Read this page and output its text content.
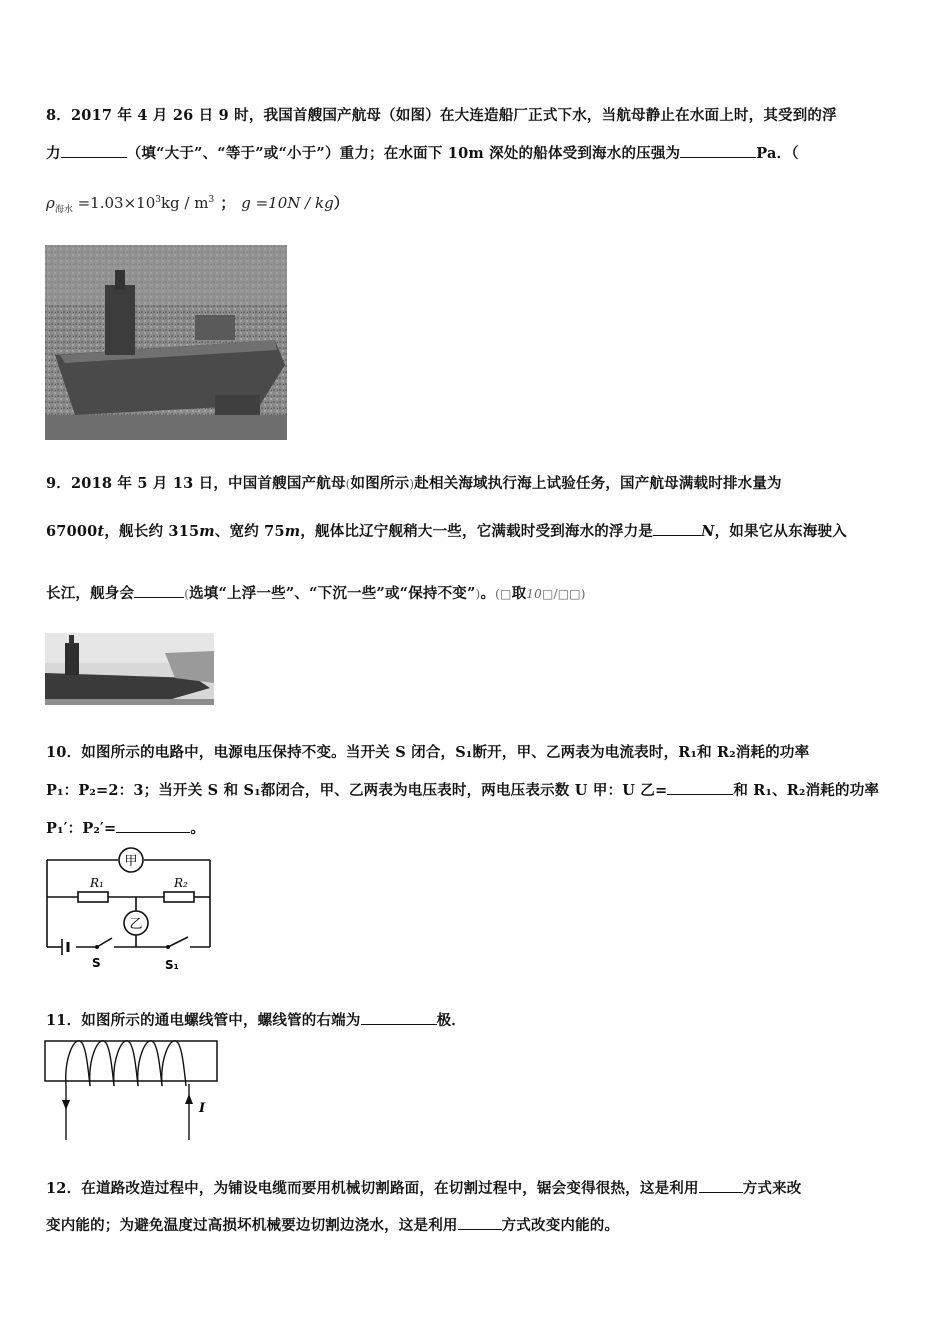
8．2017 年 4 月 26 日 9 时，我国首艘国产航母（如图）在大连造船厂正式下水，当航母静止在水面上时，其受到的浮
力	（填“大于”、“等于”或“小于”）重力；在水面下 10m 深处的船体受到海水的压强为	Pa．（
$\rho_{海水} =1.03\times 10^3kg / m^3$ ； g =10N / kg）
9．2018 年 5 月 13 日，中国首艘国产航母(如图所示)赴相关海域执行海上试验任务，国产航母满载时排水量为
67000t，舰长约 315m、宽约 75m，舰体比辽宁舰稍大一些，它满载时受到海水的浮力是	N，如果它从东海驶入
长江，舰身会	(选填“上浮一些”、“下沉一些”或“保持不变”)。(□取10□/□□)
10．如图所示的电路中，电源电压保持不变。当开关 S 闭合，S₁断开，甲、乙两表为电流表时，R₁和 R₂消耗的功率
P₁：P₂=2：3；当开关 S 和 S₁都闭合，甲、乙两表为电压表时，两电压表示数 U 甲：U 乙=	和 R₁、R₂消耗的功率
P₁′：P₂′=	。
甲
乙
R₁	R₂
S	S₁
11．如图所示的通电螺线管中，螺线管的右端为	极．
I
12．在道路改造过程中，为铺设电缆而要用机械切割路面，在切割过程中，锯会变得很热，这是利用	方式来改
变内能的；为避免温度过高损坏机械要边切割边浇水，这是利用	方式改变内能的。
